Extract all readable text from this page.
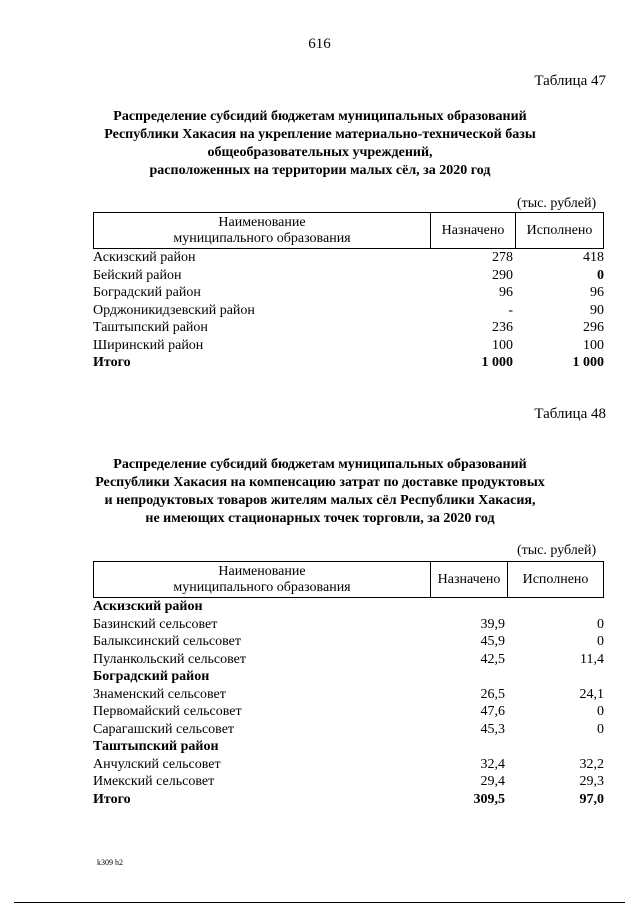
616
Таблица 47
Распределение субсидий бюджетам муниципальных образований
Республики Хакасия на укрепление материально-технической базы
общеобразовательных учреждений,
расположенных на территории малых сёл, за 2020 год
(тыс. рублей)
Наименование
муниципального образования
	Назначено	Исполнено
Аскизский район	278	418
Бейский район	290	0
Боградский район	96	96
Орджоникидзевский район	-	90
Таштыпский район	236	296
Ширинский район	100	100
Итого	1 000	1 000
Таблица 48
Распределение субсидий бюджетам муниципальных образований
Республики Хакасия на компенсацию затрат по доставке продуктовых
и непродуктовых товаров жителям малых сёл Республики Хакасия,
не имеющих стационарных точек торговли, за 2020 год
(тыс. рублей)
Наименование
муниципального образования
	Назначено	Исполнено
Аскизский район		
Базинский сельсовет	39,9	0
Балыксинский сельсовет	45,9	0
Пуланкольский сельсовет	42,5	11,4
Боградский район		
Знаменский сельсовет	26,5	24,1
Первомайский сельсовет	47,6	0
Сарагашский сельсовет	45,3	0
Таштыпский район		
Анчулский сельсовет	32,4	32,2
Имекский сельсовет	29,4	29,3
Итого	309,5	97,0
k309 h2
